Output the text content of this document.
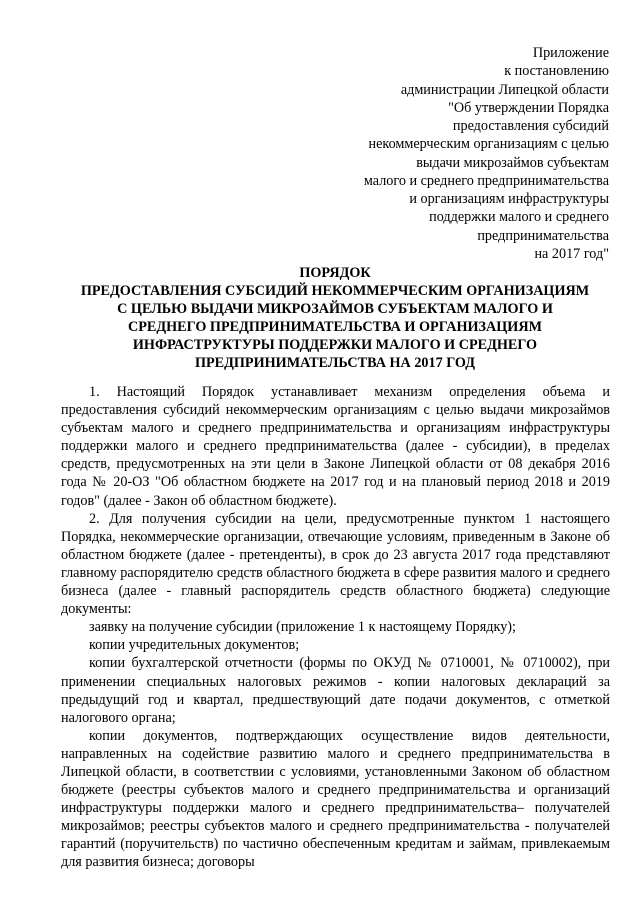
Приложение
к постановлению
администрации Липецкой области
"Об утверждении Порядка
предоставления субсидий
некоммерческим организациям с целью
выдачи микрозаймов субъектам
малого и среднего предпринимательства
и организациям инфраструктуры
поддержки малого и среднего
предпринимательства
на 2017 год"
ПОРЯДОК
ПРЕДОСТАВЛЕНИЯ СУБСИДИЙ НЕКОММЕРЧЕСКИМ ОРГАНИЗАЦИЯМ
С ЦЕЛЬЮ ВЫДАЧИ МИКРОЗАЙМОВ СУБЪЕКТАМ МАЛОГО И
СРЕДНЕГО ПРЕДПРИНИМАТЕЛЬСТВА И ОРГАНИЗАЦИЯМ
ИНФРАСТРУКТУРЫ ПОДДЕРЖКИ МАЛОГО И СРЕДНЕГО
ПРЕДПРИНИМАТЕЛЬСТВА НА 2017 ГОД

1. Настоящий Порядок устанавливает механизм определения объема и предоставления субсидий некоммерческим организациям с целью выдачи микрозаймов субъектам малого и среднего предпринимательства и организациям инфраструктуры поддержки малого и среднего предпринимательства (далее - субсидии), в пределах средств, предусмотренных на эти цели в Законе Липецкой области от 08 декабря 2016 года № 20-ОЗ "Об областном бюджете на 2017 год и на плановый период 2018 и 2019 годов" (далее - Закон об областном бюджете).

2. Для получения субсидии на цели, предусмотренные пунктом 1 настоящего Порядка, некоммерческие организации, отвечающие условиям, приведенным в Законе об областном бюджете (далее - претенденты), в срок до 23 августа 2017 года представляют главному распорядителю средств областного бюджета в сфере развития малого и среднего бизнеса (далее - главный распорядитель средств областного бюджета) следующие документы:

заявку на получение субсидии (приложение 1 к настоящему Порядку);

копии учредительных документов;

копии бухгалтерской отчетности (формы по ОКУД № 0710001, № 0710002), при применении специальных налоговых режимов - копии налоговых деклараций за предыдущий год и квартал, предшествующий дате подачи документов, с отметкой налогового органа;

копии документов, подтверждающих осуществление видов деятельности, направленных на содействие развитию малого и среднего предпринимательства в Липецкой области, в соответствии с условиями, установленными Законом об областном бюджете (реестры субъектов малого и среднего предпринимательства и организаций инфраструктуры поддержки малого и среднего предпринимательства– получателей микрозаймов; реестры субъектов малого и среднего предпринимательства - получателей гарантий (поручительств) по частично обеспеченным кредитам и займам, привлекаемым для развития бизнеса; договоры
